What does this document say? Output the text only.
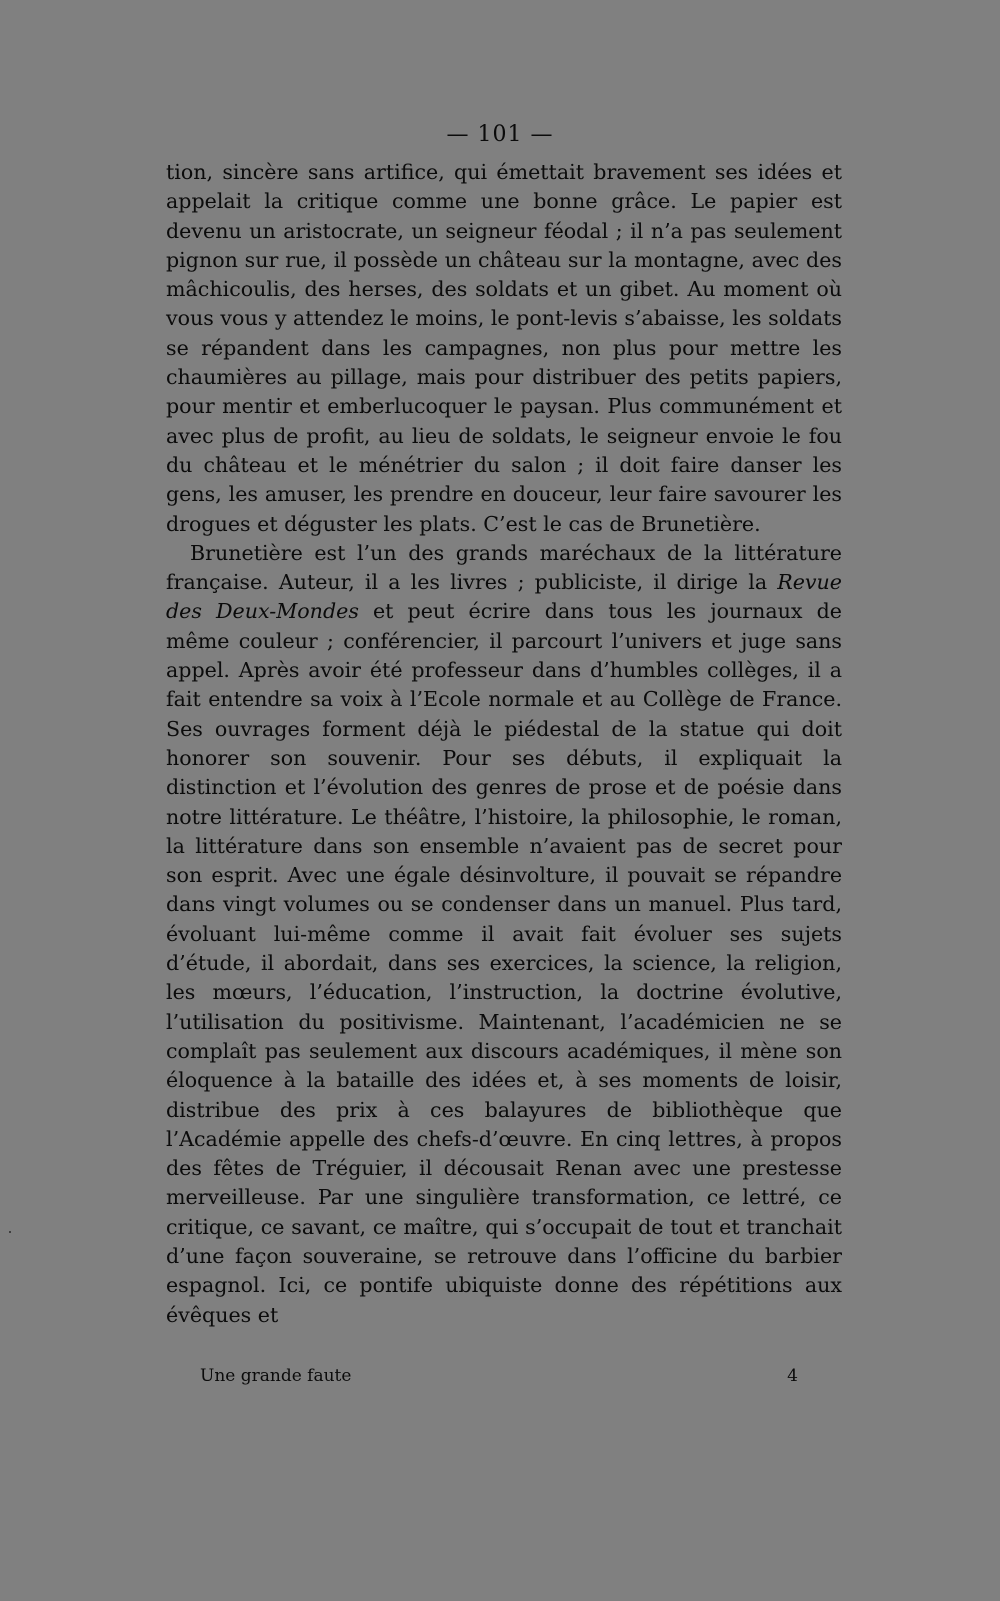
— 101 —

tion, sincère sans artifice, qui émettait bravement ses idées et appelait la critique comme une bonne grâce. Le papier est devenu un aristocrate, un seigneur féodal ; il n’a pas seulement pignon sur rue, il possède un château sur la montagne, avec des mâchicoulis, des herses, des soldats et un gibet. Au moment où vous vous y attendez le moins, le pont-levis s’abaisse, les soldats se répandent dans les campagnes, non plus pour mettre les chaumières au pillage, mais pour distribuer des petits papiers, pour mentir et emberlucoquer le paysan. Plus communément et avec plus de profit, au lieu de soldats, le seigneur envoie le fou du château et le ménétrier du salon ; il doit faire danser les gens, les amuser, les prendre en douceur, leur faire savourer les drogues et déguster les plats. C’est le cas de Brunetière.

Brunetière est l’un des grands maréchaux de la littérature française. Auteur, il a les livres ; publiciste, il dirige la Revue des Deux-Mondes et peut écrire dans tous les journaux de même couleur ; conférencier, il parcourt l’univers et juge sans appel. Après avoir été professeur dans d’humbles collèges, il a fait entendre sa voix à l’Ecole normale et au Collège de France. Ses ouvrages forment déjà le piédestal de la statue qui doit honorer son souvenir. Pour ses débuts, il expliquait la distinction et l’évolution des genres de prose et de poésie dans notre littérature. Le théâtre, l’histoire, la philosophie, le roman, la littérature dans son ensemble n’avaient pas de secret pour son esprit. Avec une égale désinvolture, il pouvait se répandre dans vingt volumes ou se condenser dans un manuel. Plus tard, évoluant lui-même comme il avait fait évoluer ses sujets d’étude, il abordait, dans ses exercices, la science, la religion, les mœurs, l’éducation, l’instruction, la doctrine évolutive, l’utilisation du positivisme. Maintenant, l’académicien ne se complaît pas seulement aux discours académiques, il mène son éloquence à la bataille des idées et, à ses moments de loisir, distribue des prix à ces balayures de bibliothèque que l’Académie appelle des chefs-d’œuvre. En cinq lettres, à propos des fêtes de Tréguier, il décousait Renan avec une prestesse merveilleuse. Par une singulière transformation, ce lettré, ce critique, ce savant, ce maître, qui s’occupait de tout et tranchait d’une façon souveraine, se retrouve dans l’officine du barbier espagnol. Ici, ce pontife ubiquiste donne des répétitions aux évêques et

Une grande faute	4
